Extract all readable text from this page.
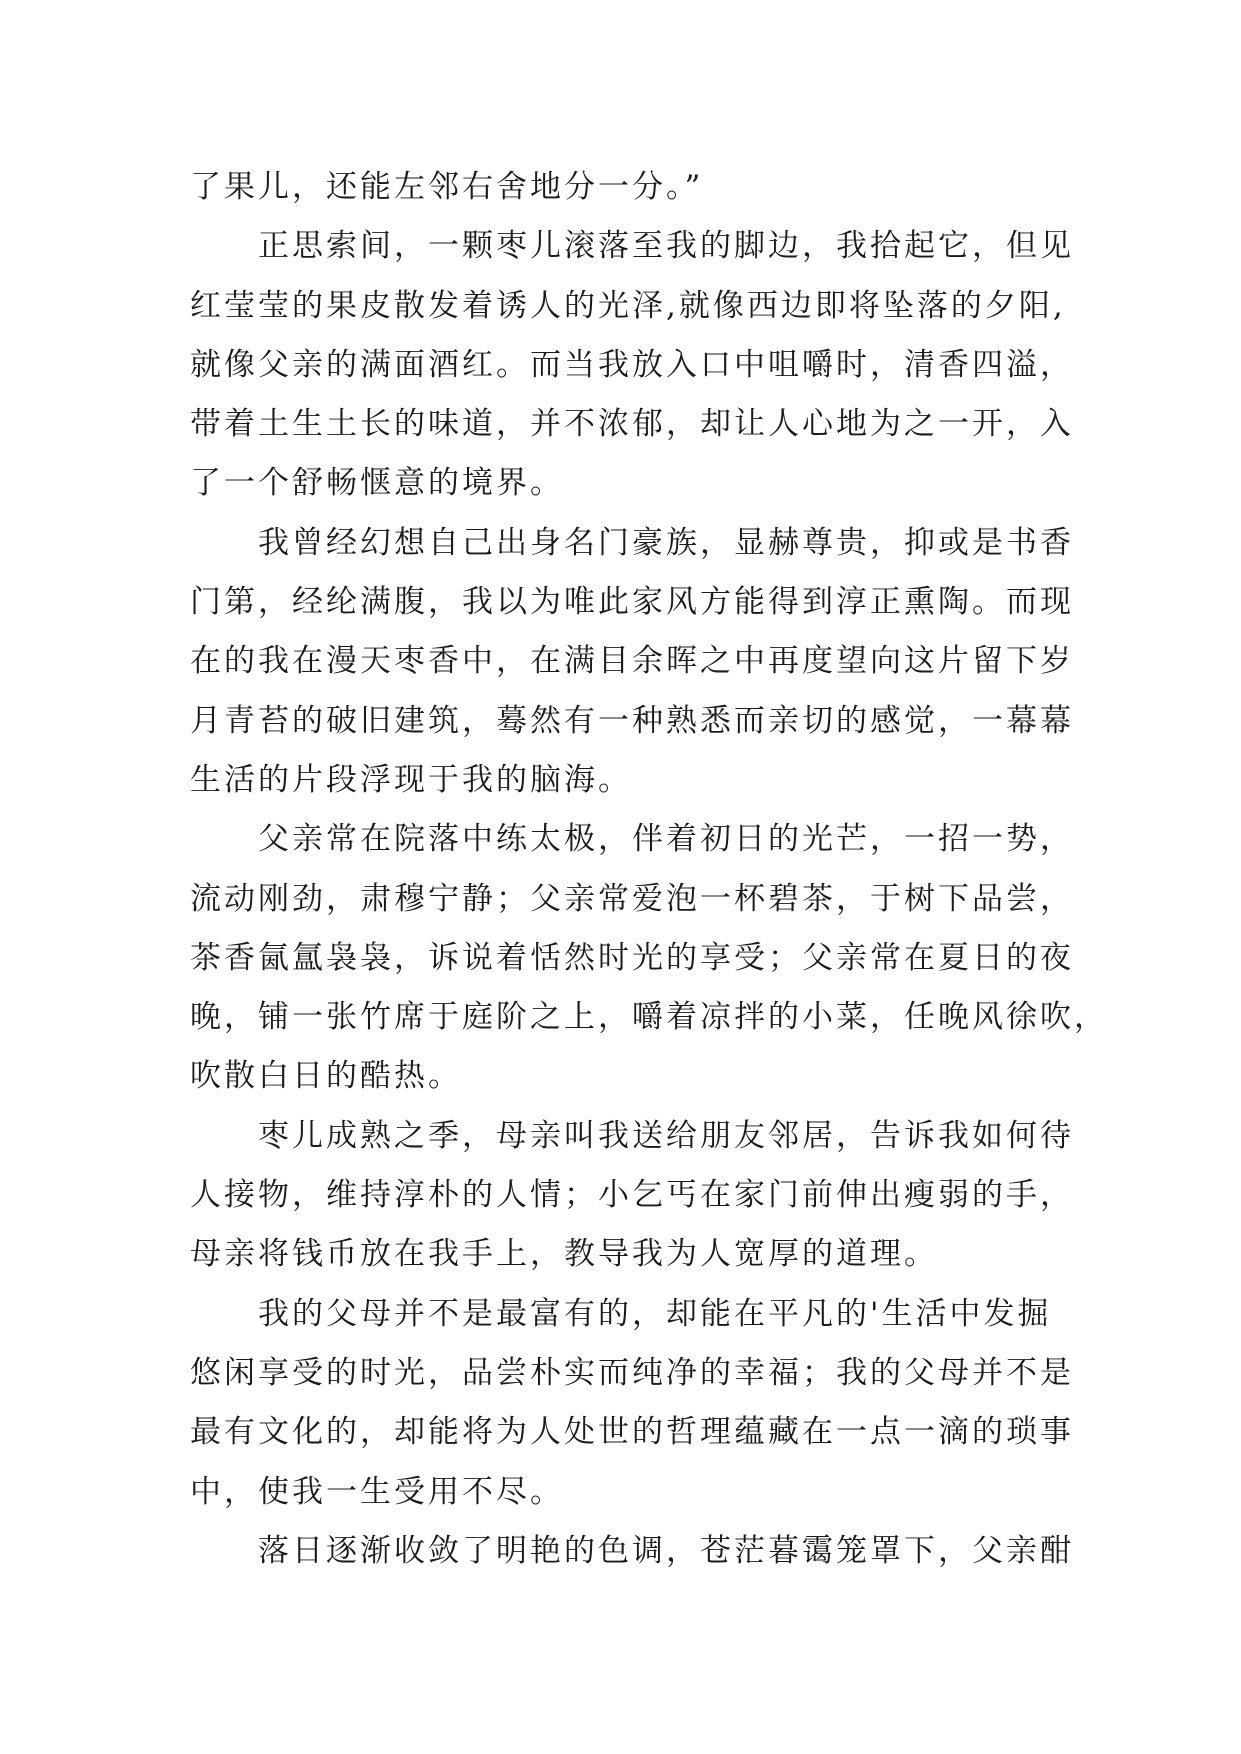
了果儿，还能左邻右舍地分一分。”
正思索间，一颗枣儿滚落至我的脚边，我拾起它，但见
红莹莹的果皮散发着诱人的光泽,就像西边即将坠落的夕阳,
就像父亲的满面酒红。而当我放入口中咀嚼时，清香四溢，
带着土生土长的味道，并不浓郁，却让人心地为之一开，入
了一个舒畅惬意的境界。
我曾经幻想自己出身名门豪族，显赫尊贵，抑或是书香
门第，经纶满腹，我以为唯此家风方能得到淳正熏陶。而现
在的我在漫天枣香中，在满目余晖之中再度望向这片留下岁
月青苔的破旧建筑，蓦然有一种熟悉而亲切的感觉，一幕幕
生活的片段浮现于我的脑海。
父亲常在院落中练太极，伴着初日的光芒，一招一势，
流动刚劲，肃穆宁静；父亲常爱泡一杯碧茶，于树下品尝，
茶香氤氲袅袅，诉说着恬然时光的享受；父亲常在夏日的夜
晚，铺一张竹席于庭阶之上，嚼着凉拌的小菜，任晚风徐吹，
吹散白日的酷热。
枣儿成熟之季，母亲叫我送给朋友邻居，告诉我如何待
人接物，维持淳朴的人情；小乞丐在家门前伸出瘦弱的手，
母亲将钱币放在我手上，教导我为人宽厚的道理。
我的父母并不是最富有的，却能在平凡的'生活中发掘
悠闲享受的时光，品尝朴实而纯净的幸福；我的父母并不是
最有文化的，却能将为人处世的哲理蕴藏在一点一滴的琐事
中，使我一生受用不尽。
落日逐渐收敛了明艳的色调，苍茫暮霭笼罩下，父亲酣
